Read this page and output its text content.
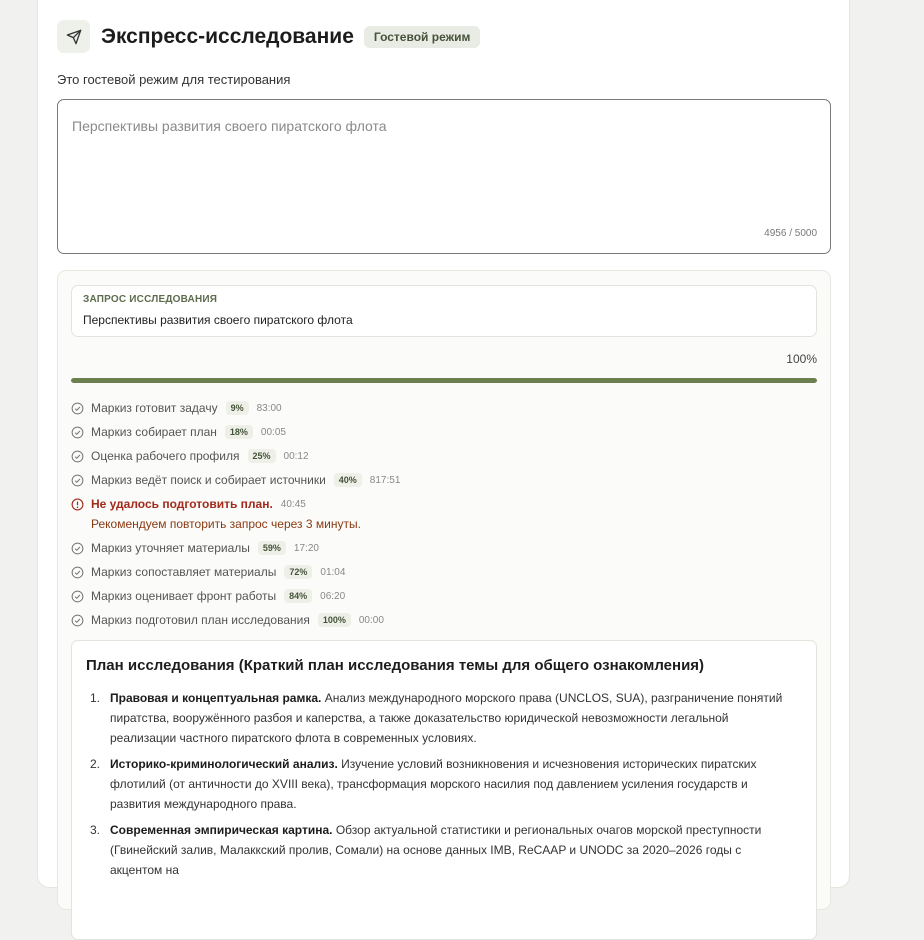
Экспресс-исследование	Гостевой режим
Это гостевой режим для тестирования
Перспективы развития своего пиратского флота
4956 / 5000
ЗАПРОС ИССЛЕДОВАНИЯ
Перспективы развития своего пиратского флота
100%
Маркиз готовит задачу	9%	83:00
Маркиз собирает план	18%	00:05
Оценка рабочего профиля	25%	00:12
Маркиз ведёт поиск и собирает источники	40%	817:51
Не удалось подготовить план. 40:45
Рекомендуем повторить запрос через 3 минуты.
Маркиз уточняет материалы	59%	17:20
Маркиз сопоставляет материалы	72%	01:04
Маркиз оценивает фронт работы	84%	06:20
Маркиз подготовил план исследования	100%	00:00
План исследования (Краткий план исследования темы для общего ознакомления)
1. Правовая и концептуальная рамка. Анализ международного морского права (UNCLOS, SUA), разграничение понятий пиратства, вооружённого разбоя и каперства, а также доказательство юридической невозможности легальной реализации частного пиратского флота в современных условиях.
2. Историко-криминологический анализ. Изучение условий возникновения и исчезновения исторических пиратских флотилий (от античности до XVIII века), трансформация морского насилия под давлением усиления государств и развития международного права.
3. Современная эмпирическая картина. Обзор актуальной статистики и региональных очагов морской преступности (Гвинейский залив, Малаккский пролив, Сомали) на основе данных IMB, ReCAAP и UNODC за 2020–2026 годы с акцентом на
